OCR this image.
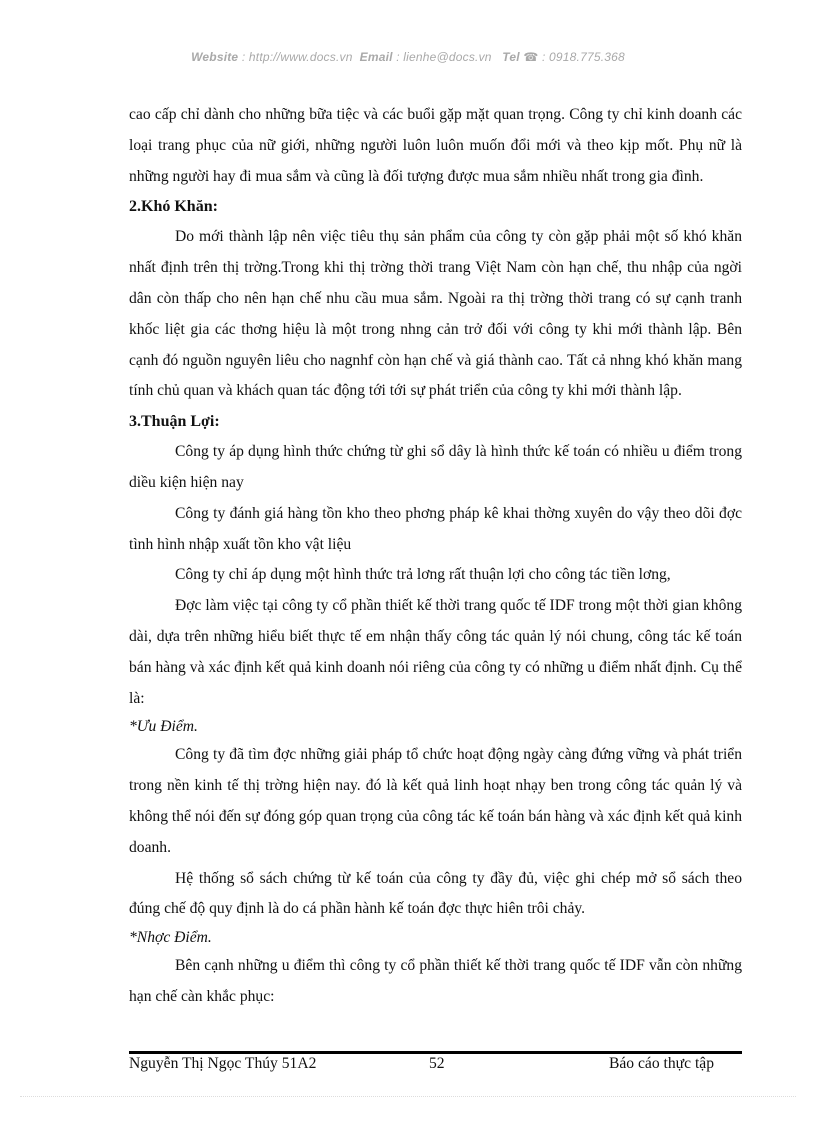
Website : http://www.docs.vn Email : lienhe@docs.vn Tel ☎ : 0918.775.368

cao cấp chỉ dành cho những bữa tiệc và các buổi gặp mặt quan trọng. Công ty chỉ kinh doanh các loại trang phục của nữ giới, những người luôn luôn muốn đổi mới và theo kịp mốt. Phụ nữ là những người hay đi mua sắm và cũng là đối tượng được mua sắm nhiều nhất trong gia đình.

2.Khó Khăn:

Do mới thành lập nên việc tiêu thụ sản phẩm của công ty còn gặp phải một số khó khăn nhất định trên thị trờng.Trong khi thị trờng thời trang Việt Nam còn hạn chế, thu nhập của ngời dân còn thấp cho nên hạn chế nhu cầu mua sắm. Ngoài ra thị trờng thời trang có sự cạnh tranh khốc liệt gia các thơng hiệu là một trong nhng cản trở đối với công ty khi mới thành lập. Bên cạnh đó nguồn nguyên liêu cho nagnhf còn hạn chế và giá thành cao. Tất cả nhng khó khăn mang tính chủ quan và khách quan tác động tới tới sự phát triển của công ty khi mới thành lập.

3.Thuận Lợi:

Công ty áp dụng hình thức chứng từ ghi sổ dây là hình thức kế toán có nhiều u điểm trong diều kiện hiện nay

Công ty đánh giá hàng tồn kho theo phơng pháp kê khai thờng xuyên do vậy theo dõi đợc tình hình nhập xuất tồn kho vật liệu

Công ty chỉ áp dụng một hình thức trả lơng rất thuận lợi cho công tác tiền lơng,

Đợc làm việc tại công ty cổ phần thiết kế thời trang quốc tế IDF trong một thời gian không dài, dựa trên những hiểu biết thực tế em nhận thấy công tác quản lý nói chung, công tác kế toán bán hàng và xác định kết quả kinh doanh nói riêng của công ty có những u điểm nhất định. Cụ thể là:

*Ưu Điểm.

Công ty đã tìm đợc những giải pháp tổ chức hoạt động ngày càng đứng vững và phát triển trong nền kinh tế thị trờng hiện nay. đó là kết quả linh hoạt nhạy ben trong công tác quản lý và không thể nói đến sự đóng góp quan trọng của công tác kế toán bán hàng và xác định kết quả kinh doanh.

Hệ thống sổ sách chứng từ kế toán của công ty đầy đủ, việc ghi chép mở sổ sách theo đúng chế độ quy định là do cá phần hành kế toán đợc thực hiên trôi chảy.

*Nhợc Điểm.

Bên cạnh những u điểm thì công ty cổ phần thiết kế thời trang quốc tế IDF vẫn còn những hạn chế càn khắc phục:

Nguyễn Thị Ngọc Thúy 51A2	52	Báo cáo thực tập
